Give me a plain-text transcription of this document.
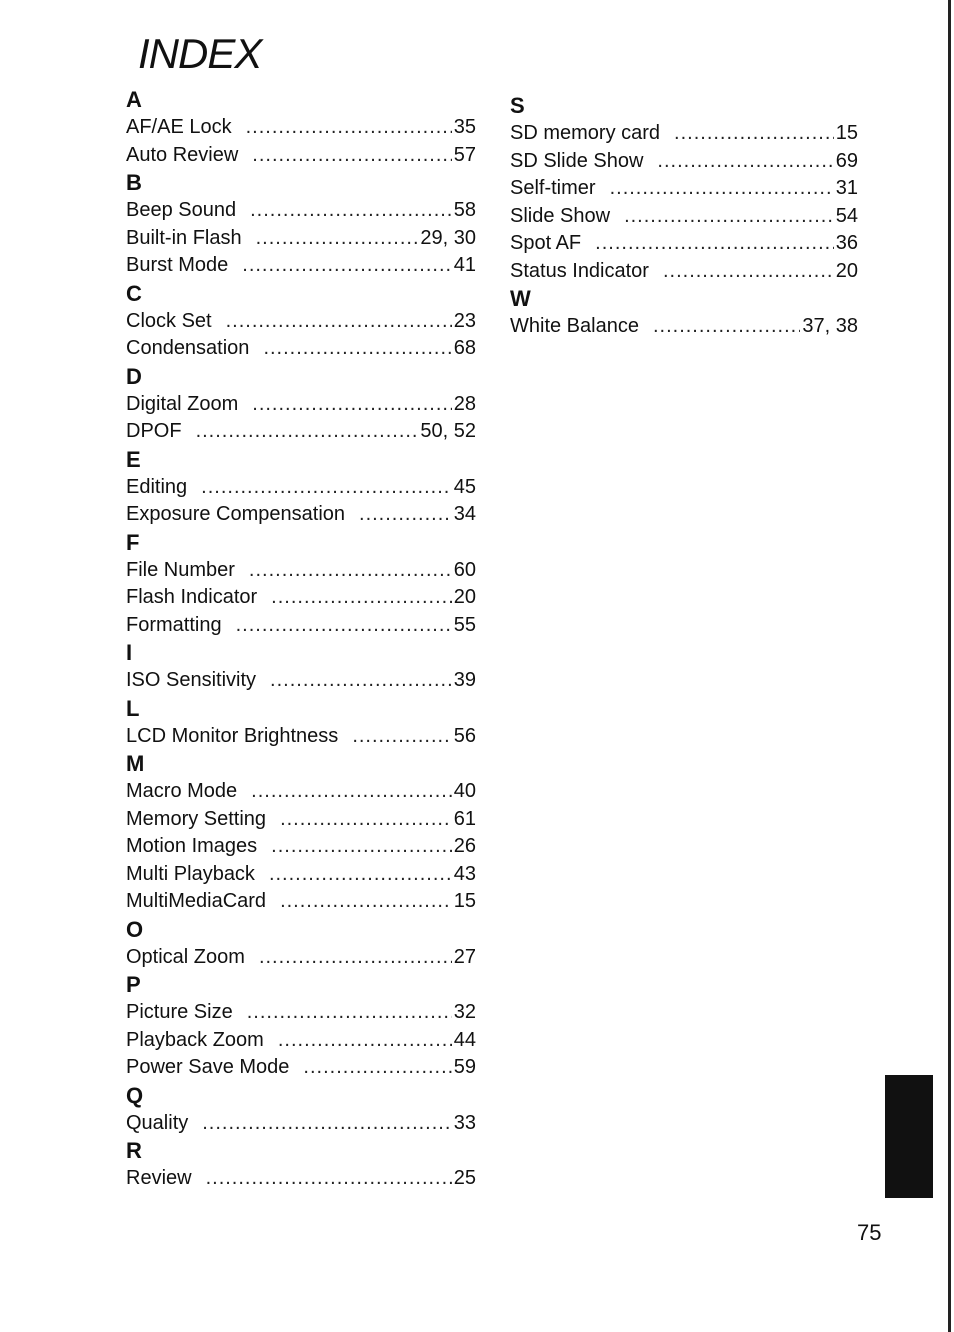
INDEX
A
AF/AE Lock .....	35
Auto Review .....	57
B
Beep Sound .....	58
Built-in Flash .....	29, 30
Burst Mode .....	41
C
Clock Set .....	23
Condensation .....	68
D
Digital Zoom .....	28
DPOF .....	50, 52
E
Editing .....	45
Exposure Compensation .....	34
F
File Number .....	60
Flash Indicator .....	20
Formatting .....	55
I
ISO Sensitivity .....	39
L
LCD Monitor Brightness .....	56
M
Macro Mode .....	40
Memory Setting .....	61
Motion Images .....	26
Multi Playback .....	43
MultiMediaCard .....	15
O
Optical Zoom .....	27
P
Picture Size .....	32
Playback Zoom .....	44
Power Save Mode .....	59
Q
Quality .....	33
R
Review .....	25
S
SD memory card .....	15
SD Slide Show .....	69
Self-timer .....	31
Slide Show .....	54
Spot AF .....	36
Status Indicator .....	20
W
White Balance .....	37, 38
75
